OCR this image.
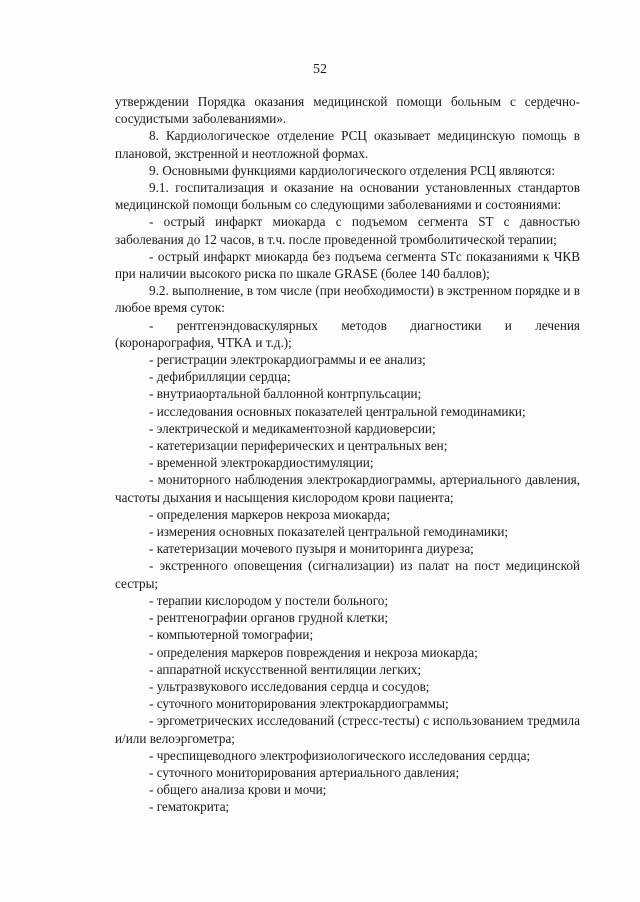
52

утверждении Порядка оказания медицинской помощи больным с сердечно-сосудистыми заболеваниями».

8. Кардиологическое отделение РСЦ оказывает медицинскую помощь в плановой, экстренной и неотложной формах.

9. Основными функциями кардиологического отделения РСЦ являются:

9.1. госпитализация и оказание на основании установленных стандартов медицинской помощи больным со следующими заболеваниями и состояниями:

- острый инфаркт миокарда с подъемом сегмента ST с давностью заболевания до 12 часов, в т.ч. после проведенной тромболитической терапии;

- острый инфаркт миокарда без подъема сегмента STс показаниями к ЧКВ при наличии высокого риска по шкале GRASE (более 140 баллов);

9.2. выполнение, в том числе (при необходимости) в экстренном порядке и в любое время суток:

- рентгенэндоваскулярных методов диагностики и лечения (коронарография, ЧТКА и т.д.);

- регистрации электрокардиограммы и ее анализ;

- дефибрилляции сердца;

- внутриаортальной баллонной контрпульсации;

- исследования основных показателей центральной гемодинамики;

- электрической и медикаментозной кардиоверсии;

- катетеризации периферических и центральных вен;

- временной электрокардиостимуляции;

- мониторного наблюдения электрокардиограммы, артериального давления, частоты дыхания и насыщения кислородом крови пациента;

- определения маркеров некроза миокарда;

- измерения основных показателей центральной гемодинамики;

- катетеризации мочевого пузыря и мониторинга диуреза;

- экстренного оповещения (сигнализации) из палат на пост медицинской сестры;

- терапии кислородом у постели больного;

- рентгенографии органов грудной клетки;

- компьютерной томографии;

- определения маркеров повреждения и некроза миокарда;

- аппаратной искусственной вентиляции легких;

- ультразвукового исследования сердца и сосудов;

- суточного мониторирования электрокардиограммы;

- эргометрических исследований (стресс-тесты) с использованием тредмила и/или велоэргометра;

- чреспищеводного электрофизиологического исследования сердца;

- суточного мониторирования артериального давления;

- общего анализа крови и мочи;

- гематокрита;
